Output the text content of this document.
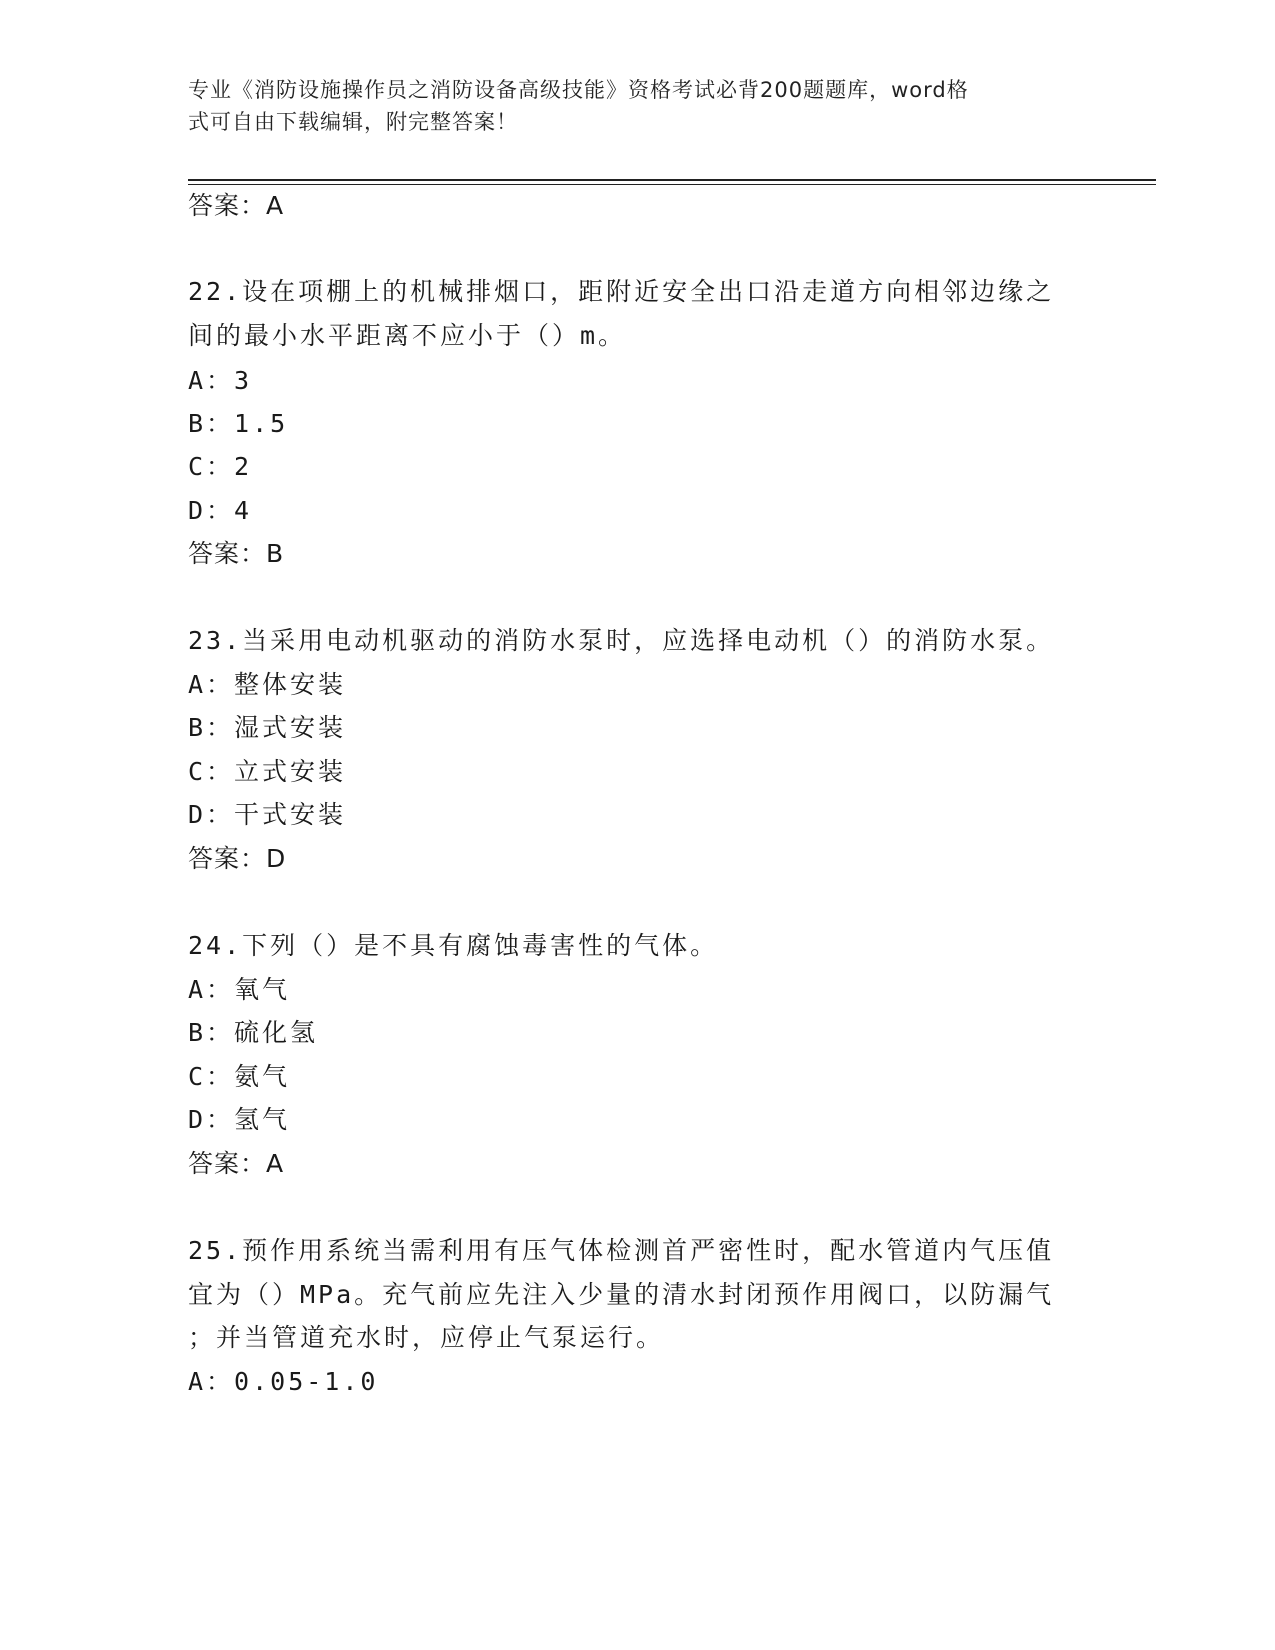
专业《消防设施操作员之消防设备高级技能》资格考试必背200题题库，word格
式可自由下载编辑，附完整答案！
答案：A
22.设在项棚上的机械排烟口，距附近安全出口沿走道方向相邻边缘之
间的最小水平距离不应小于（）m。
A：3
B：1.5
C：2
D：4
答案：B
23.当采用电动机驱动的消防水泵时，应选择电动机（）的消防水泵。
A：整体安装
B：湿式安装
C：立式安装
D：干式安装
答案：D
24.下列（）是不具有腐蚀毒害性的气体。
A：氧气
B：硫化氢
C：氨气
D：氢气
答案：A
25.预作用系统当需利用有压气体检测首严密性时，配水管道内气压值
宜为（）MPa。充气前应先注入少量的清水封闭预作用阀口，以防漏气
；并当管道充水时，应停止气泵运行。
A：0.05-1.0
